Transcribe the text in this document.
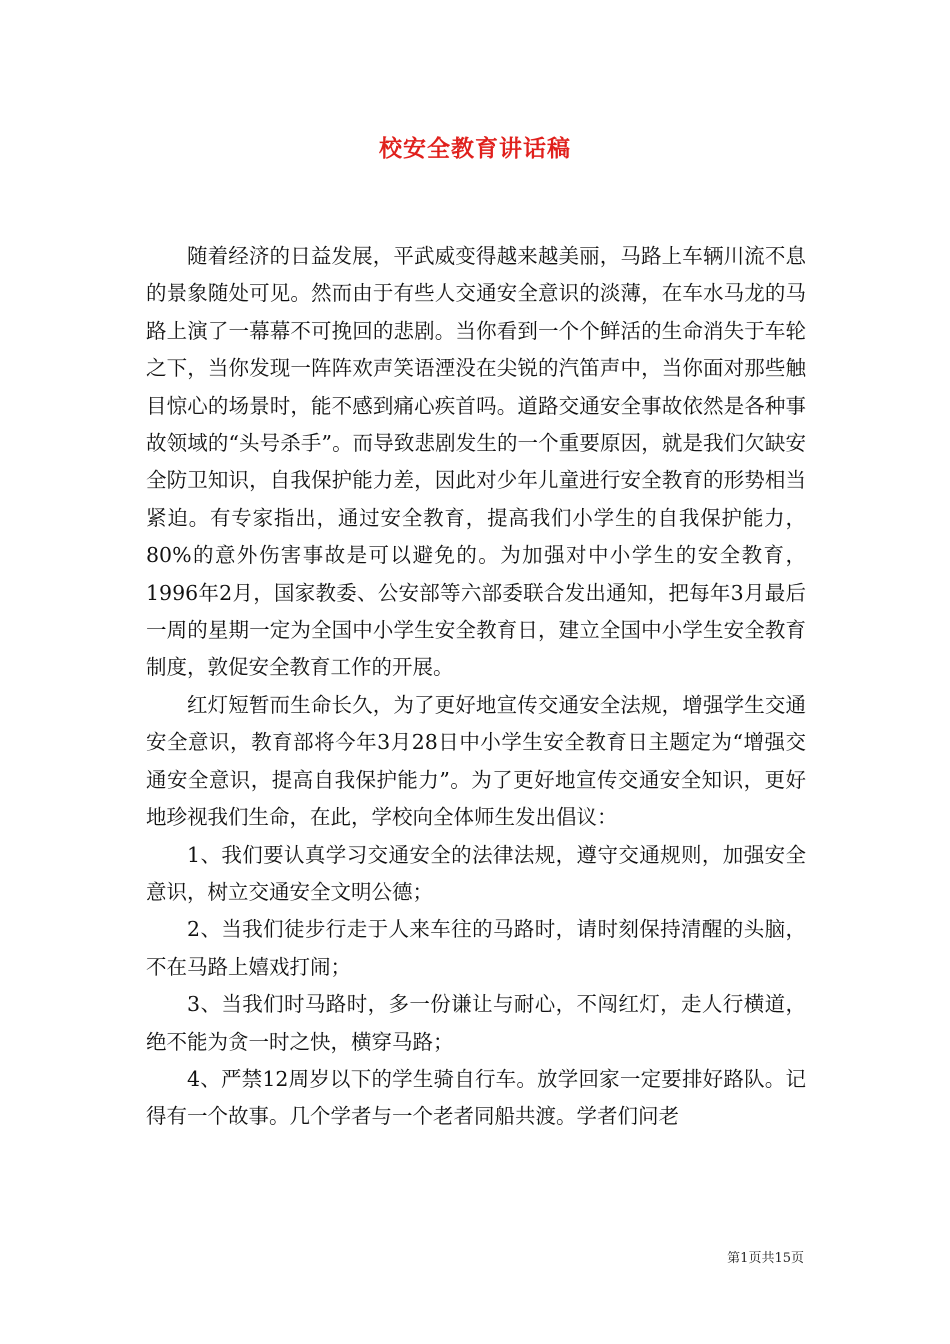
校安全教育讲话稿

随着经济的日益发展，平武威变得越来越美丽，马路上车辆川流不息的景象随处可见。然而由于有些人交通安全意识的淡薄，在车水马龙的马路上演了一幕幕不可挽回的悲剧。当你看到一个个鲜活的生命消失于车轮之下，当你发现一阵阵欢声笑语湮没在尖锐的汽笛声中，当你面对那些触目惊心的场景时，能不感到痛心疾首吗。道路交通安全事故依然是各种事故领域的“头号杀手”。而导致悲剧发生的一个重要原因，就是我们欠缺安全防卫知识，自我保护能力差，因此对少年儿童进行安全教育的形势相当紧迫。有专家指出，通过安全教育，提高我们小学生的自我保护能力，80%的意外伤害事故是可以避免的。为加强对中小学生的安全教育，1996年2月，国家教委、公安部等六部委联合发出通知，把每年3月最后一周的星期一定为全国中小学生安全教育日，建立全国中小学生安全教育制度，敦促安全教育工作的开展。

红灯短暂而生命长久，为了更好地宣传交通安全法规，增强学生交通安全意识，教育部将今年3月28日中小学生安全教育日主题定为“增强交通安全意识，提高自我保护能力”。为了更好地宣传交通安全知识，更好地珍视我们生命，在此，学校向全体师生发出倡议：

1、我们要认真学习交通安全的法律法规，遵守交通规则，加强安全意识，树立交通安全文明公德；

2、当我们徒步行走于人来车往的马路时，请时刻保持清醒的头脑，不在马路上嬉戏打闹；

3、当我们时马路时，多一份谦让与耐心，不闯红灯，走人行横道，绝不能为贪一时之快，横穿马路；

4、严禁12周岁以下的学生骑自行车。放学回家一定要排好路队。记得有一个故事。几个学者与一个老者同船共渡。学者们问老

第1页共15页
